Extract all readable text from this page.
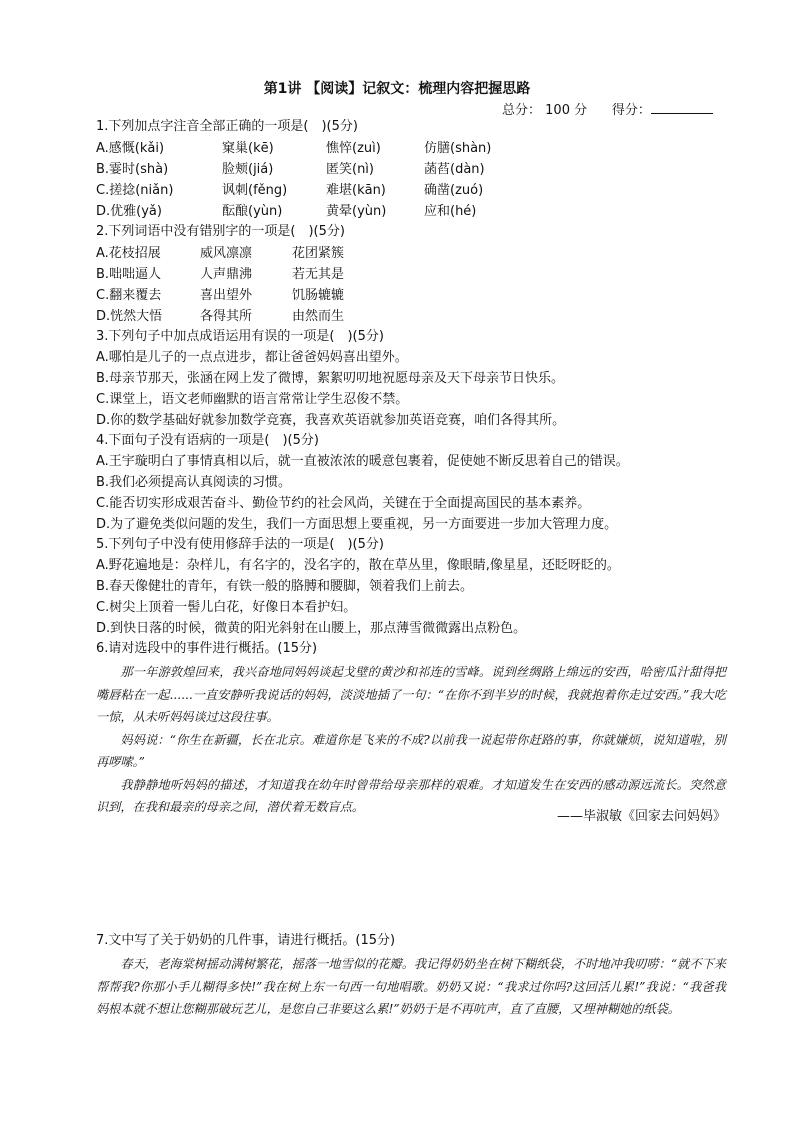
第1讲 【阅读】记叙文：梳理内容把握思路
总分： 100 分 得分：
1.下列加点字注音全部正确的一项是(　)(5分)
A.感慨(kǎi)	窠巢(kē)	憔悴(zuì)	仿膳(shàn)
B.霎时(shà)	脸颊(jiá)	匿笑(nì)	菡萏(dàn)
C.搓捻(niǎn)	讽刺(fěng)	难堪(kān)	确凿(zuó)
D.优雅(yǎ)	酝酿(yùn)	黄晕(yùn)	应和(hé)
2.下列词语中没有错别字的一项是(　)(5分)
A.花枝招展	威风凛凛	花团紧簇
B.咄咄逼人	人声鼎沸	若无其是
C.翻来覆去	喜出望外	饥肠辘辘
D.恍然大悟	各得其所	由然而生
3.下列句子中加点成语运用有误的一项是(　)(5分)
A.哪怕是儿子的一点点进步，都让爸爸妈妈喜出望外。
B.母亲节那天，张涵在网上发了微博，絮絮叨叨地祝愿母亲及天下母亲节日快乐。
C.课堂上，语文老师幽默的语言常常让学生忍俊不禁。
D.你的数学基础好就参加数学竞赛，我喜欢英语就参加英语竞赛，咱们各得其所。
4.下面句子没有语病的一项是(　)(5分)
A.王宇璇明白了事情真相以后，就一直被浓浓的暖意包裹着，促使她不断反思着自己的错误。
B.我们必须提高认真阅读的习惯。
C.能否切实形成艰苦奋斗、勤俭节约的社会风尚，关键在于全面提高国民的基本素养。
D.为了避免类似问题的发生，我们一方面思想上要重视，另一方面要进一步加大管理力度。
5.下列句子中没有使用修辞手法的一项是(　)(5分)
A.野花遍地是：杂样儿，有名字的，没名字的，散在草丛里，像眼睛,像星星，还眨呀眨的。
B.春天像健壮的青年，有铁一般的胳膊和腰脚，领着我们上前去。
C.树尖上顶着一髻儿白花，好像日本看护妇。
D.到快日落的时候，微黄的阳光斜射在山腰上，那点薄雪微微露出点粉色。
6.请对选段中的事件进行概括。(15分)

那一年游敦煌回来，我兴奋地同妈妈谈起戈壁的黄沙和祁连的雪峰。说到丝绸路上绵远的安西，哈密瓜汁甜得把嘴唇粘在一起......一直安静听我说话的妈妈，淡淡地插了一句：“在你不到半岁的时候，我就抱着你走过安西。”我大吃一惊，从未听妈妈谈过这段往事。

妈妈说：“你生在新疆，长在北京。难道你是飞来的不成?以前我一说起带你赶路的事，你就嫌烦，说知道啦，别再啰嗦。”

我静静地听妈妈的描述，才知道我在幼年时曾带给母亲那样的艰难。才知道发生在安西的感动源远流长。突然意识到，在我和最亲的母亲之间，潜伏着无数盲点。

——毕淑敏《回家去问妈妈》
7.文中写了关于奶奶的几件事，请进行概括。(15分)

春天，老海棠树摇动满树繁花，摇落一地雪似的花瓣。我记得奶奶坐在树下糊纸袋，不时地冲我叨唠：“就不下来帮帮我?你那小手儿糊得多快!”我在树上东一句西一句地唱歌。奶奶又说：“我求过你吗?这回活儿累!”我说：“我爸我妈根本就不想让您糊那破玩艺儿，是您自己非要这么累!”奶奶于是不再吭声，直了直腰，又埋神糊她的纸袋。
